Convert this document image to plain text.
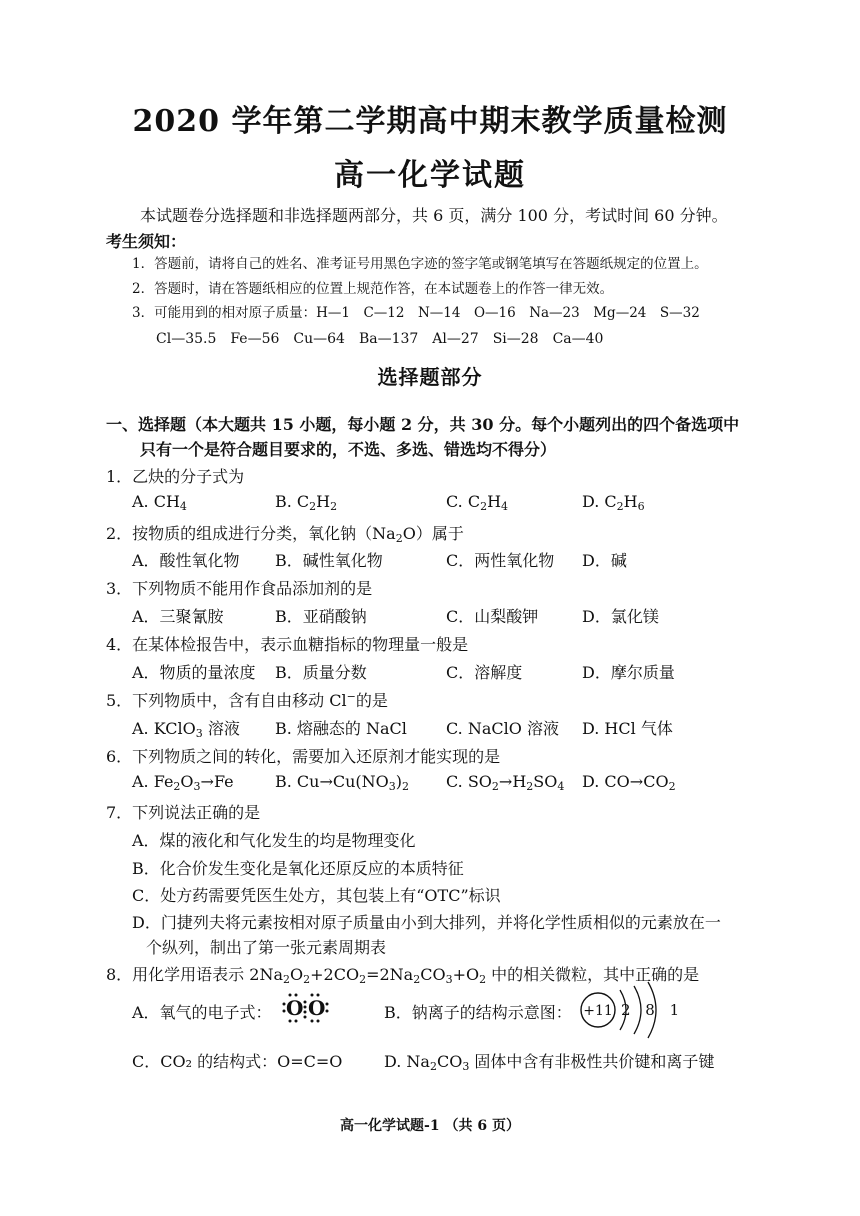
2020 学年第二学期高中期末教学质量检测
高一化学试题
本试题卷分选择题和非选择题两部分，共 6 页，满分 100 分，考试时间 60 分钟。
考生须知：
1．答题前，请将自己的姓名、准考证号用黑色字迹的签字笔或钢笔填写在答题纸规定的位置上。
2．答题时，请在答题纸相应的位置上规范作答，在本试题卷上的作答一律无效。
3．可能用到的相对原子质量：H—1　C—12　N—14　O—16　Na—23　Mg—24　S—32
Cl—35.5　Fe—56　Cu—64　Ba—137　Al—27　Si—28　Ca—40
选择题部分
一、选择题（本大题共 15 小题，每小题 2 分，共 30 分。每个小题列出的四个备选项中
只有一个是符合题目要求的，不选、多选、错选均不得分）
1．乙炔的分子式为
A. $CH_4$	B. $C_2H_2$	C. $C_2H_4$	D. $C_2H_6$
2．按物质的组成进行分类，氧化钠$(Na_2O)$属于
A．酸性氧化物 B．碱性氧化物	C．两性氧化物 D．碱
3．下列物质不能用作食品添加剂的是
A．三聚氰胺	B．亚硝酸钠	C．山梨酸钾	D．氯化镁
4．在某体检报告中，表示血糖指标的物理量一般是
A．物质的量浓度 B．质量分数	C．溶解度	D．摩尔质量
5．下列物质中，含有自由移动 Cl−的是
A. KClO$_3$ 溶液 B. 熔融态的 NaCl C. NaClO 溶液 D. HCl 气体
6．下列物质之间的转化，需要加入还原剂才能实现的是
A. $Fe_2O_3\to Fe$	B. $Cu\to Cu(NO_3)_2$ C. $SO_2\to H_2SO_4$ D. $CO\to CO_2$
7．下列说法正确的是
A．煤的液化和气化发生的均是物理变化
B．化合价发生变化是氧化还原反应的本质特征
C．处方药需要凭医生处方，其包装上有“OTC”标识
D．门捷列夫将元素按相对原子质量由小到大排列，并将化学性质相似的元素放在一
个纵列，制出了第一张元素周期表
8．用化学用语表示 $2Na_2O_2+2CO_2=2Na_2CO_3+O_2$ 中的相关微粒，其中正确的是
A．氧气的电子式： O O	B．钠离子的结构示意图： +11 2 8 1
C．CO₂ 的结构式：O=C=O	D. $Na_2CO_3$ 固体中含有非极性共价键和离子键
高一化学试题-1 （共 6 页）
